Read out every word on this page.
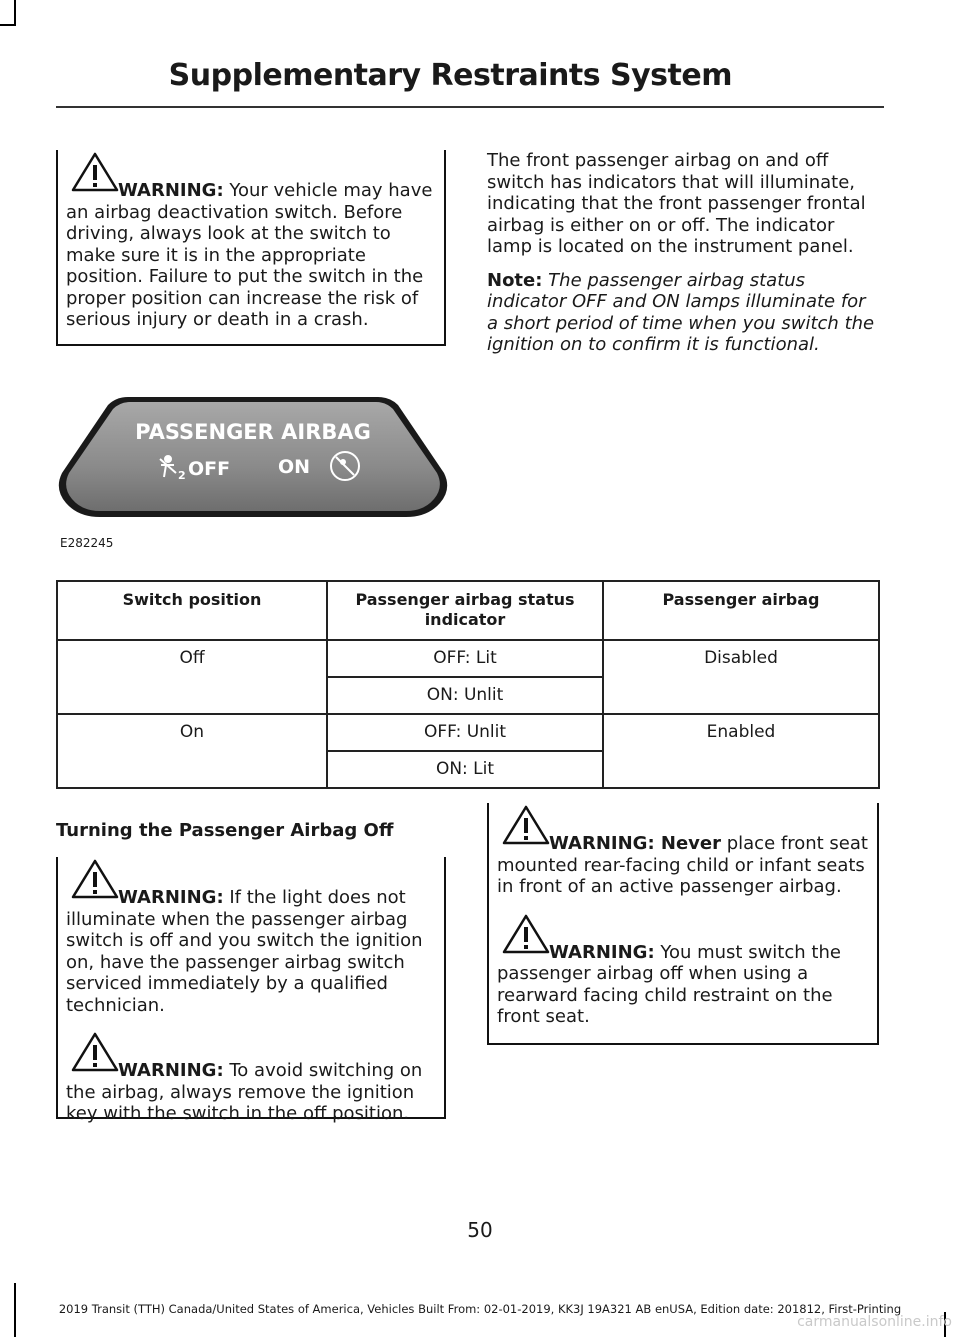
Supplementary Restraints System

WARNING: Your vehicle may have an airbag deactivation switch. Before driving, always look at the switch to make sure it is in the appropriate position. Failure to put the switch in the proper position can increase the risk of serious injury or death in a crash.

The front passenger airbag on and off switch has indicators that will illuminate, indicating that the front passenger frontal airbag is either on or off. The indicator lamp is located on the instrument panel.

Note: The passenger airbag status indicator OFF and ON lamps illuminate for a short period of time when you switch the ignition on to confirm it is functional.

PASSENGER AIRBAG
2 OFF	ON
E282245
Switch position	Passenger airbag status indicator	Passenger airbag
Off	OFF: Lit	Disabled
	ON: Unlit	
On	OFF: Unlit	Enabled
	ON: Lit	
Turning the Passenger Airbag Off

WARNING: If the light does not illuminate when the passenger airbag switch is off and you switch the ignition on, have the passenger airbag switch serviced immediately by a qualified technician.

WARNING: To avoid switching on the airbag, always remove the ignition key with the switch in the off position.

WARNING: Never place front seat mounted rear-facing child or infant seats in front of an active passenger airbag.

WARNING: You must switch the passenger airbag off when using a rearward facing child restraint on the front seat.

50
2019 Transit (TTH) Canada/United States of America, Vehicles Built From: 02-01-2019, KK3J 19A321 AB enUSA, Edition date: 201812, First-Printing
carmanualsonline.info
